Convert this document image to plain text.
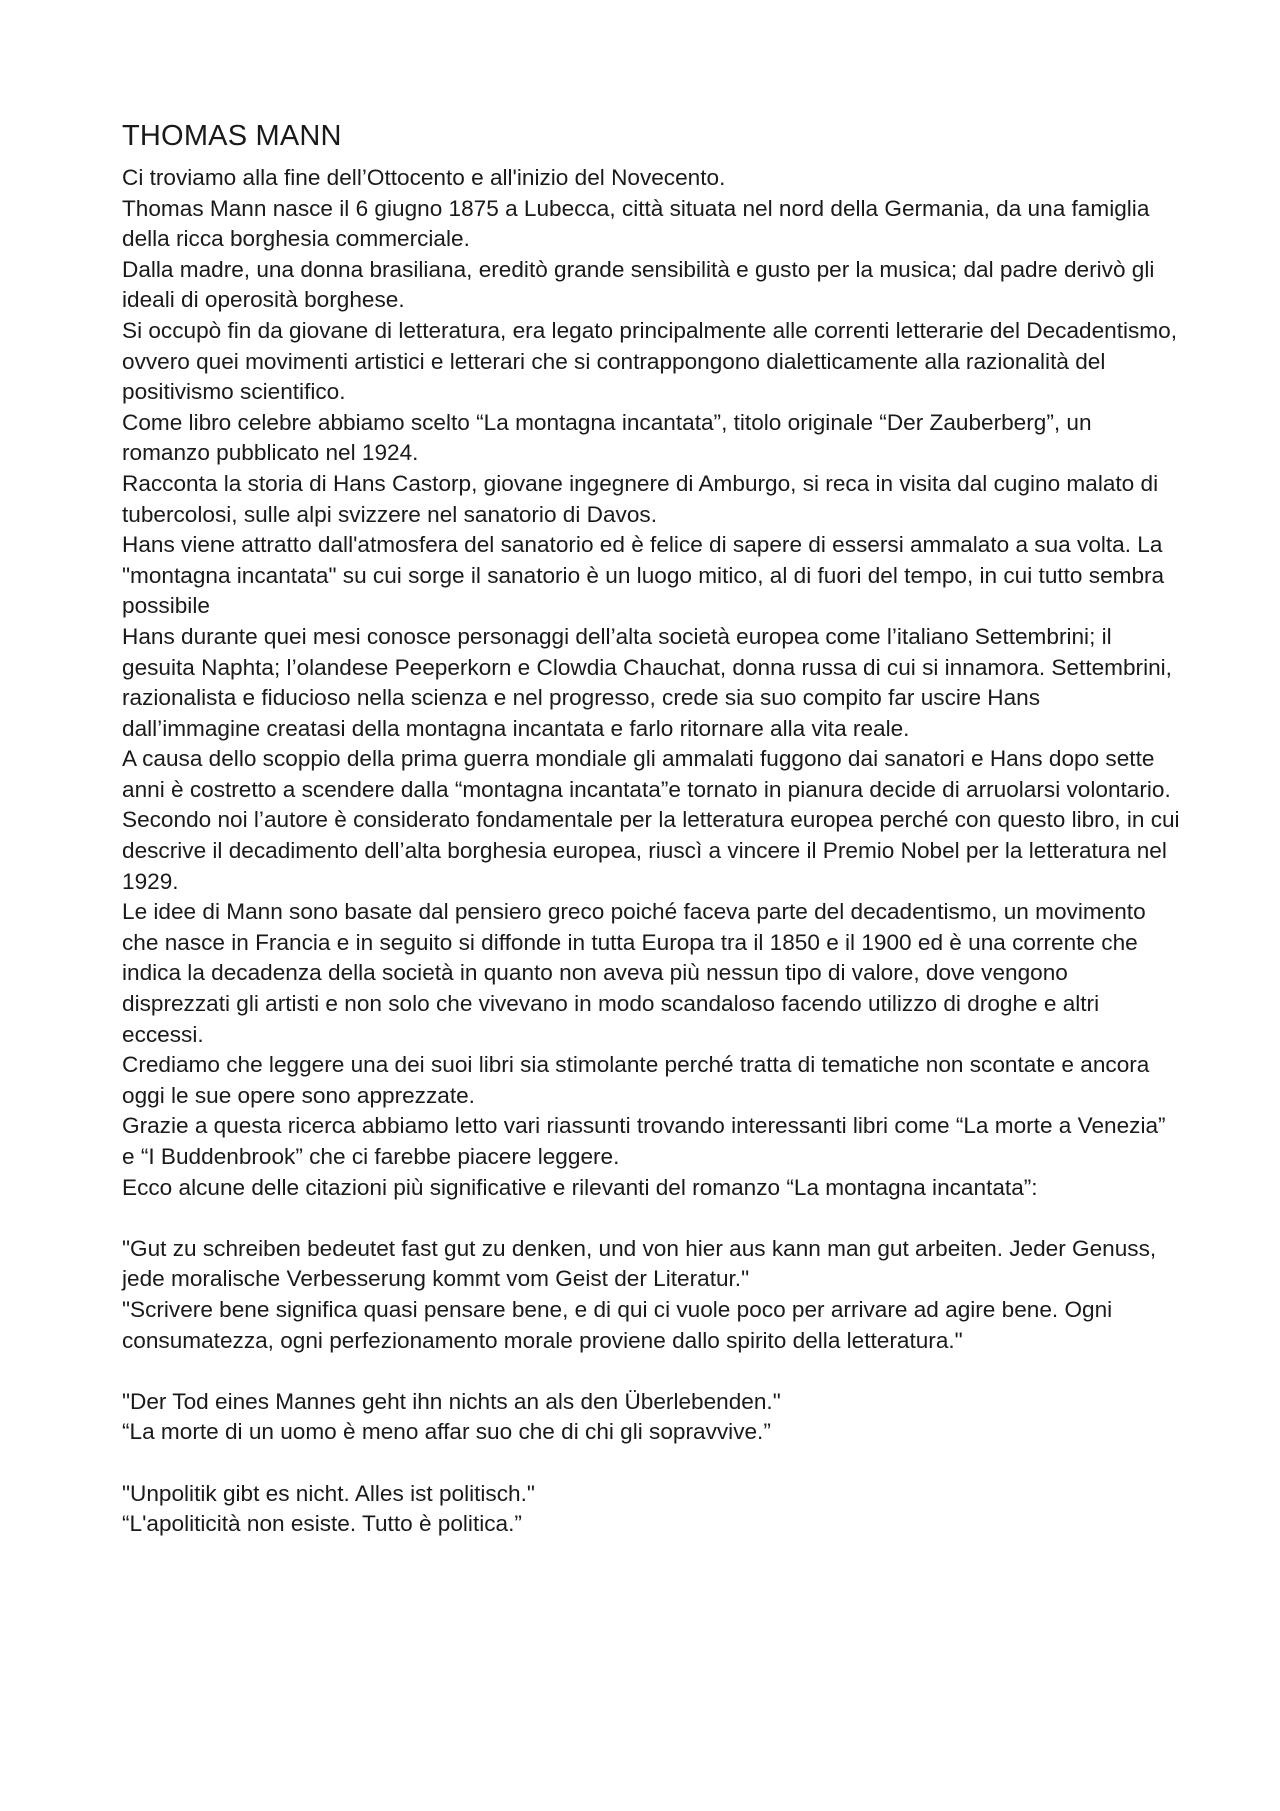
THOMAS MANN

Ci troviamo alla fine dell’Ottocento e all'inizio del Novecento.

Thomas Mann nasce il 6 giugno 1875 a Lubecca, città situata nel nord della Germania, da una famiglia della ricca borghesia commerciale.

Dalla madre, una donna brasiliana, ereditò grande sensibilità e gusto per la musica; dal padre derivò gli ideali di operosità borghese.

Si occupò fin da giovane di letteratura, era legato principalmente alle correnti letterarie del Decadentismo, ovvero quei movimenti artistici e letterari che si contrappongono dialetticamente alla razionalità del positivismo scientifico.

Come libro celebre abbiamo scelto “La montagna incantata”, titolo originale “Der Zauberberg”, un romanzo pubblicato nel 1924.

Racconta la storia di Hans Castorp, giovane ingegnere di Amburgo, si reca in visita dal cugino malato di tubercolosi, sulle alpi svizzere nel sanatorio di Davos.

Hans viene attratto dall'atmosfera del sanatorio ed è felice di sapere di essersi ammalato a sua volta. La "montagna incantata" su cui sorge il sanatorio è un luogo mitico, al di fuori del tempo, in cui tutto sembra possibile

Hans durante quei mesi conosce personaggi dell’alta società europea come l’italiano Settembrini; il gesuita Naphta; l’olandese Peeperkorn e Clowdia Chauchat, donna russa di cui si innamora. Settembrini, razionalista e fiducioso nella scienza e nel progresso, crede sia suo compito far uscire Hans dall’immagine creatasi della montagna incantata e farlo ritornare alla vita reale.

A causa dello scoppio della prima guerra mondiale gli ammalati fuggono dai sanatori e Hans dopo sette anni è costretto a scendere dalla “montagna incantata”e tornato in pianura decide di arruolarsi volontario.

Secondo noi l’autore è considerato fondamentale per la letteratura europea perché con questo libro, in cui descrive il decadimento dell’alta borghesia europea, riuscì a vincere il Premio Nobel per la letteratura nel 1929.

Le idee di Mann sono basate dal pensiero greco poiché faceva parte del decadentismo, un movimento che nasce in Francia e in seguito si diffonde in tutta Europa tra il 1850 e il 1900 ed è una corrente che indica la decadenza della società in quanto non aveva più nessun tipo di valore, dove vengono disprezzati gli artisti e non solo che vivevano in modo scandaloso facendo utilizzo di droghe e altri eccessi.

Crediamo che leggere una dei suoi libri sia stimolante perché tratta di tematiche non scontate e ancora oggi le sue opere sono apprezzate.

Grazie a questa ricerca abbiamo letto vari riassunti trovando interessanti libri come “La morte a Venezia” e “I Buddenbrook” che ci farebbe piacere leggere.

Ecco alcune delle citazioni più significative e rilevanti del romanzo “La montagna incantata”:

"Gut zu schreiben bedeutet fast gut zu denken, und von hier aus kann man gut arbeiten. Jeder Genuss, jede moralische Verbesserung kommt vom Geist der Literatur."

"Scrivere bene significa quasi pensare bene, e di qui ci vuole poco per arrivare ad agire bene. Ogni consumatezza, ogni perfezionamento morale proviene dallo spirito della letteratura."

"Der Tod eines Mannes geht ihn nichts an als den Überlebenden."

“La morte di un uomo è meno affar suo che di chi gli sopravvive.”

"Unpolitik gibt es nicht. Alles ist politisch."

“L'apoliticità non esiste. Tutto è politica.”
